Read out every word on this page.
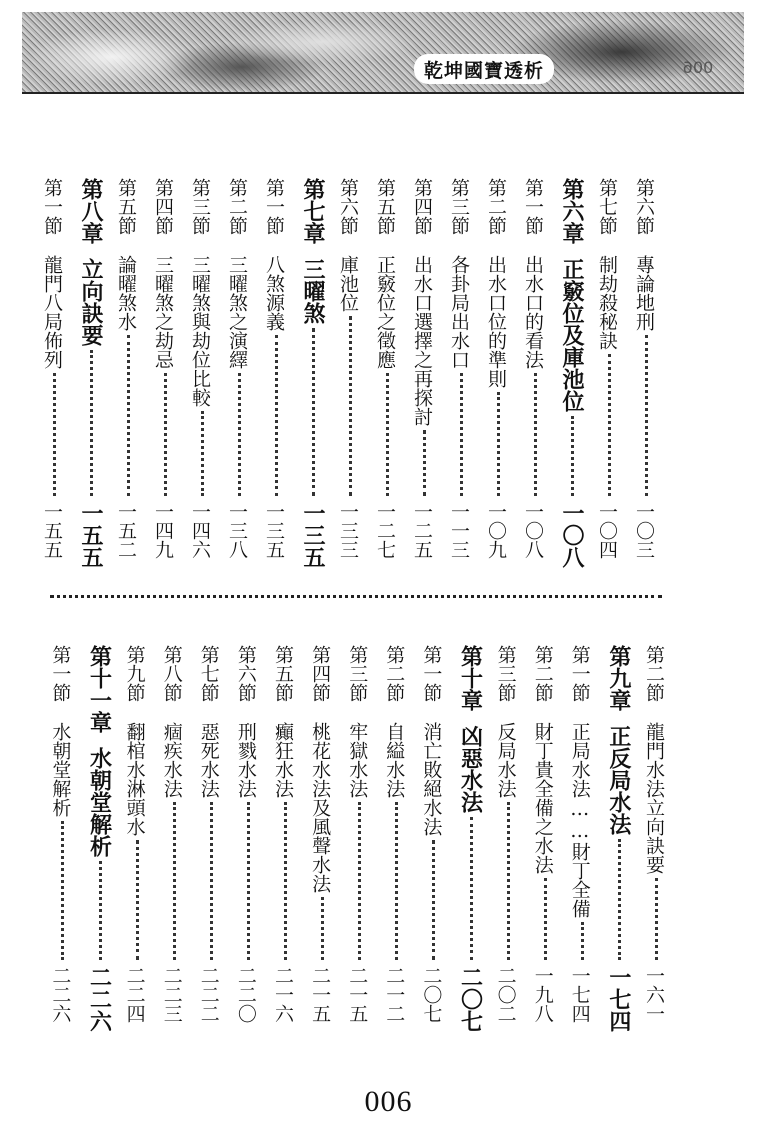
乾坤國寶透析	006
第六節專論地刑
一〇三
第七節制劫殺秘訣
一〇四
第六章正竅位及庫池位
一〇八
第一節出水口的看法
一〇八
第二節出水口位的準則
一〇九
第三節各卦局出水口
一一三
第四節出水口選擇之再探討
一二五
第五節正竅位之徵應
一二七
第六節庫池位
一三三
第七章三曜煞
一三五
第一節八煞源義
一三五
第二節三曜煞之演繹
一三八
第三節三曜煞與劫位比較
一四六
第四節三曜煞之劫忌
一四九
第五節論曜煞水
一五二
第八章立向訣要
一五五
第一節龍門八局佈列
一五五
第二節龍門水法立向訣要
一六一
第九章正反局水法
一七四
第一節正局水法……財丁全備
一七四
第二節財丁貴全備之水法
一九八
第三節反局水法
二〇二
第十章凶惡水法
二〇七
第一節消亡敗絕水法
二〇七
第二節自縊水法
二一二
第三節牢獄水法
二一五
第四節桃花水法及風聲水法
二一五
第五節癲狂水法
二一六
第六節刑戮水法
二二〇
第七節惡死水法
二二二
第八節痼疾水法
二二三
第九節翻棺水淋頭水
二二四
第十一章水朝堂解析
二二六
第一節水朝堂解析
二二六
006
